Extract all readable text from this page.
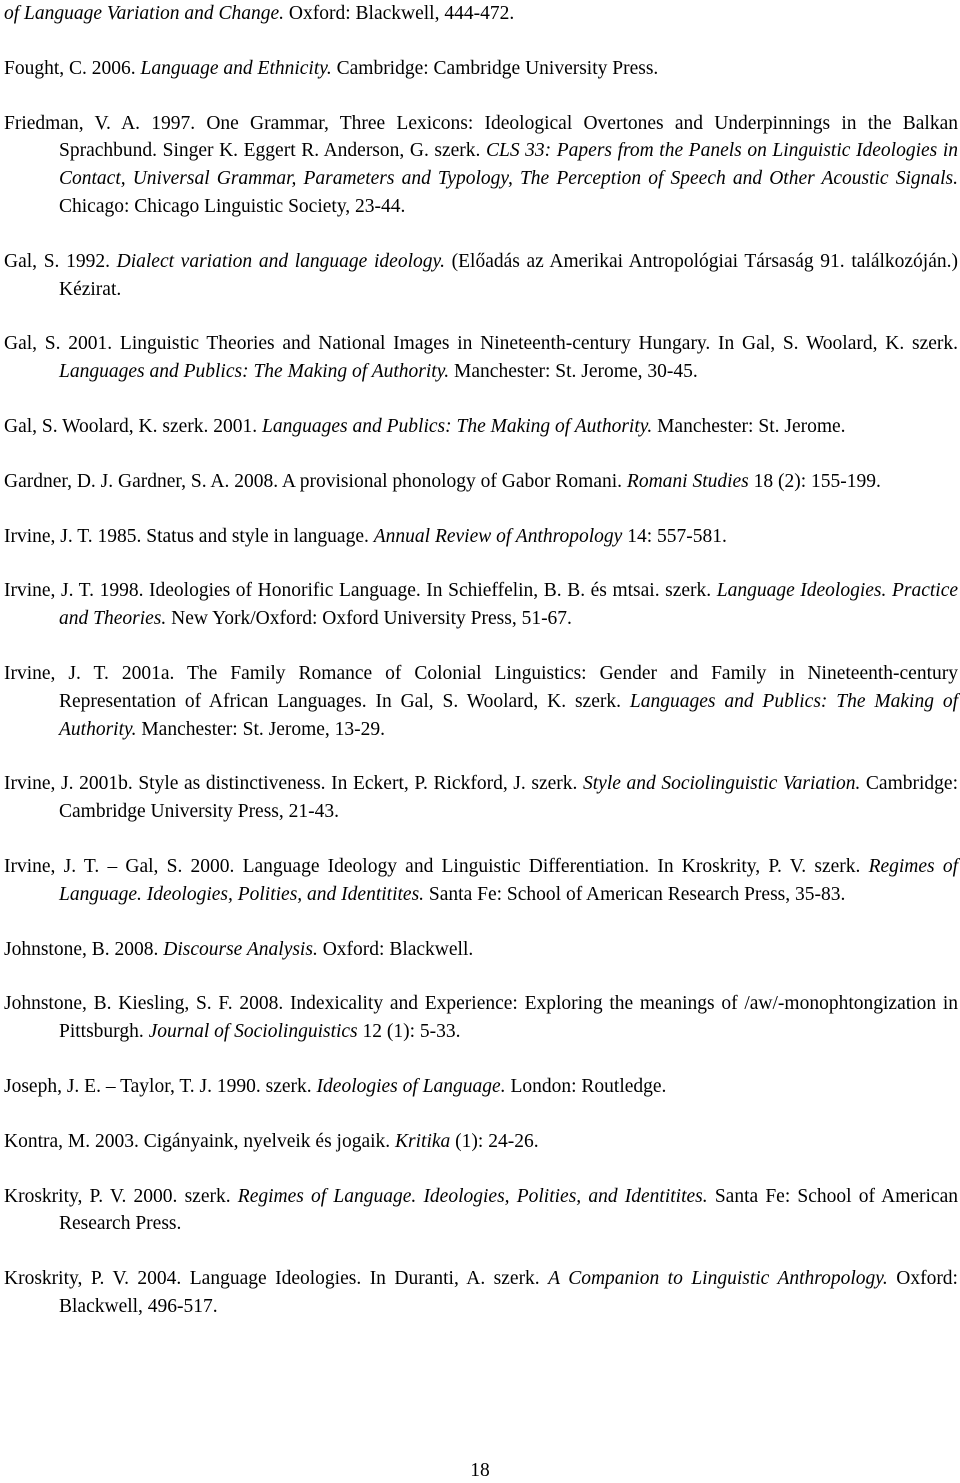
of Language Variation and Change. Oxford: Blackwell, 444-472.

Fought, C. 2006. Language and Ethnicity. Cambridge: Cambridge University Press.

Friedman, V. A. 1997. One Grammar, Three Lexicons: Ideological Overtones and Underpinnings in the Balkan Sprachbund. Singer K. Eggert R. Anderson, G. szerk. CLS 33: Papers from the Panels on Linguistic Ideologies in Contact, Universal Grammar, Parameters and Typology, The Perception of Speech and Other Acoustic Signals. Chicago: Chicago Linguistic Society, 23-44.

Gal, S. 1992. Dialect variation and language ideology. (Előadás az Amerikai Antropológiai Társaság 91. találkozóján.) Kézirat.

Gal, S. 2001. Linguistic Theories and National Images in Nineteenth-century Hungary. In Gal, S. Woolard, K. szerk. Languages and Publics: The Making of Authority. Manchester: St. Jerome, 30-45.

Gal, S. Woolard, K. szerk. 2001. Languages and Publics: The Making of Authority. Manchester: St. Jerome.

Gardner, D. J. Gardner, S. A. 2008. A provisional phonology of Gabor Romani. Romani Studies 18 (2): 155-199.

Irvine, J. T. 1985. Status and style in language. Annual Review of Anthropology 14: 557-581.

Irvine, J. T. 1998. Ideologies of Honorific Language. In Schieffelin, B. B. és mtsai. szerk. Language Ideologies. Practice and Theories. New York/Oxford: Oxford University Press, 51-67.

Irvine, J. T. 2001a. The Family Romance of Colonial Linguistics: Gender and Family in Nineteenth-century Representation of African Languages. In Gal, S. Woolard, K. szerk. Languages and Publics: The Making of Authority. Manchester: St. Jerome, 13-29.

Irvine, J. 2001b. Style as distinctiveness. In Eckert, P. Rickford, J. szerk. Style and Sociolinguistic Variation. Cambridge: Cambridge University Press, 21-43.

Irvine, J. T. – Gal, S. 2000. Language Ideology and Linguistic Differentiation. In Kroskrity, P. V. szerk. Regimes of Language. Ideologies, Polities, and Identitites. Santa Fe: School of American Research Press, 35-83.

Johnstone, B. 2008. Discourse Analysis. Oxford: Blackwell.

Johnstone, B. Kiesling, S. F. 2008. Indexicality and Experience: Exploring the meanings of /aw/-monophtongization in Pittsburgh. Journal of Sociolinguistics 12 (1): 5-33.

Joseph, J. E. – Taylor, T. J. 1990. szerk. Ideologies of Language. London: Routledge.

Kontra, M. 2003. Cigányaink, nyelveik és jogaik. Kritika (1): 24-26.

Kroskrity, P. V. 2000. szerk. Regimes of Language. Ideologies, Polities, and Identitites. Santa Fe: School of American Research Press.

Kroskrity, P. V. 2004. Language Ideologies. In Duranti, A. szerk. A Companion to Linguistic Anthropology. Oxford: Blackwell, 496-517.

18
